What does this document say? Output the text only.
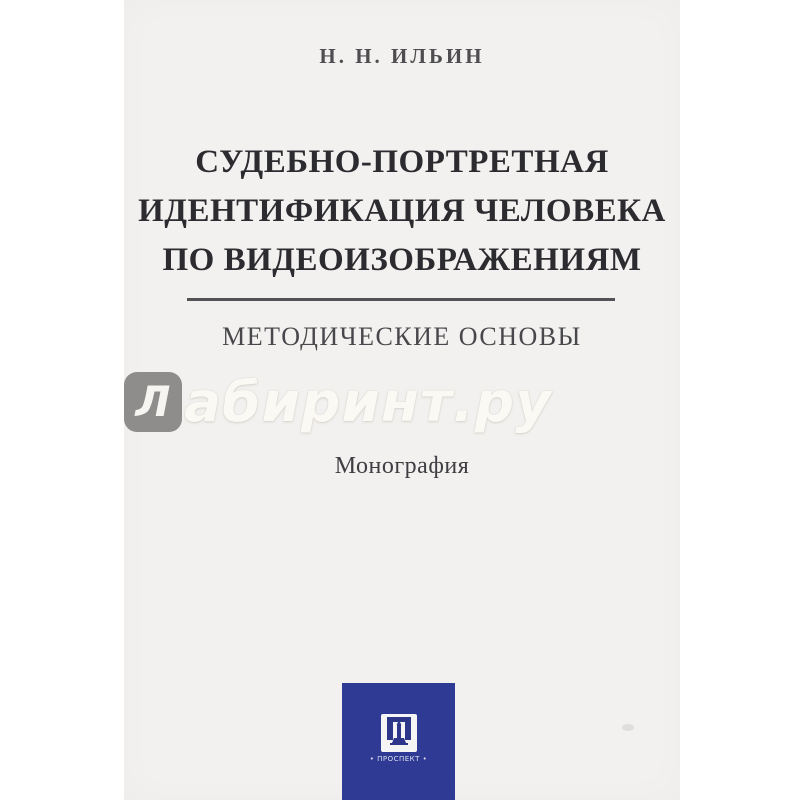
Н. Н. ИЛЬИН
СУДЕБНО-ПОРТРЕТНАЯ
ИДЕНТИФИКАЦИЯ ЧЕЛОВЕКА
ПО ВИДЕОИЗОБРАЖЕНИЯМ
МЕТОДИЧЕСКИЕ ОСНОВЫ
Монография
• ПРОСПЕКТ •
Л абиринт.ру
